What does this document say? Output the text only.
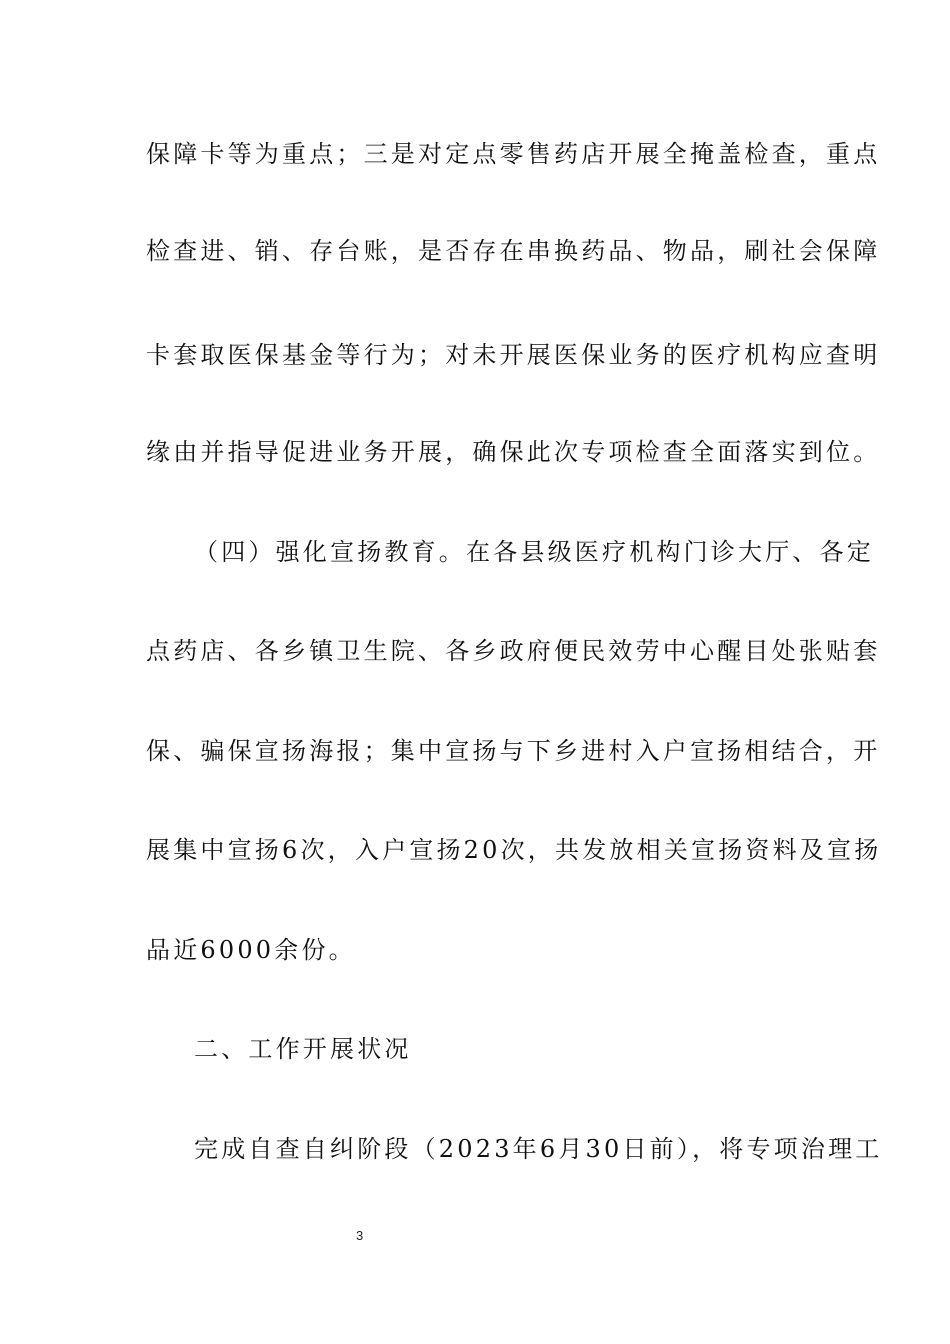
保障卡等为重点；三是对定点零售药店开展全掩盖检查，重点
检查进、销、存台账，是否存在串换药品、物品，刷社会保障
卡套取医保基金等行为；对未开展医保业务的医疗机构应查明
缘由并指导促进业务开展，确保此次专项检查全面落实到位。
（四）强化宣扬教育。在各县级医疗机构门诊大厅、各定
点药店、各乡镇卫生院、各乡政府便民效劳中心醒目处张贴套
保、骗保宣扬海报；集中宣扬与下乡进村入户宣扬相结合，开
展集中宣扬6次，入户宣扬20次，共发放相关宣扬资料及宣扬
品近6000余份。
二、工作开展状况
完成自查自纠阶段（2023年6月30日前），将专项治理工
3
